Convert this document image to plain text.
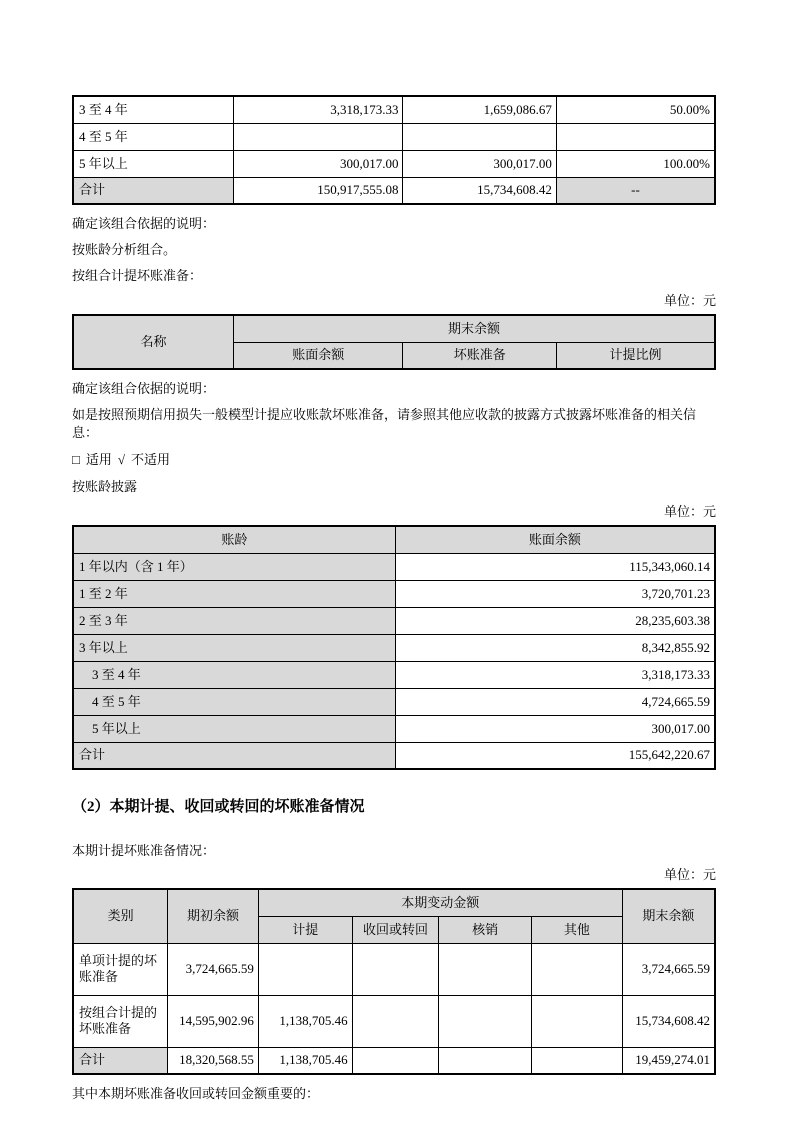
3 至 4 年	3,318,173.33	1,659,086.67	50.00%
4 至 5 年			
5 年以上	300,017.00	300,017.00	100.00%
合计	150,917,555.08	15,734,608.42	--

确定该组合依据的说明：

按账龄分析组合。

按组合计提坏账准备：

单位：元

名称	期末余额		
	账面余额	坏账准备	计提比例

确定该组合依据的说明：

如是按照预期信用损失一般模型计提应收账款坏账准备，请参照其他应收款的披露方式披露坏账准备的相关信息：

□ 适用 √ 不适用

按账龄披露

单位：元

账龄	账面余额
1 年以内（含 1 年）	115,343,060.14
1 至 2 年	3,720,701.23
2 至 3 年	28,235,603.38
3 年以上	8,342,855.92
3 至 4 年	3,318,173.33
4 至 5 年	4,724,665.59
5 年以上	300,017.00
合计	155,642,220.67
（2）本期计提、收回或转回的坏账准备情况

本期计提坏账准备情况：

单位：元

类别	期初余额	本期变动金额				期末余额
		计提	收回或转回	核销	其他	
单项计提的坏账准备	3,724,665.59					3,724,665.59
按组合计提的坏账准备	14,595,902.96	1,138,705.46				15,734,608.42
合计	18,320,568.55	1,138,705.46				19,459,274.01

其中本期坏账准备收回或转回金额重要的：
